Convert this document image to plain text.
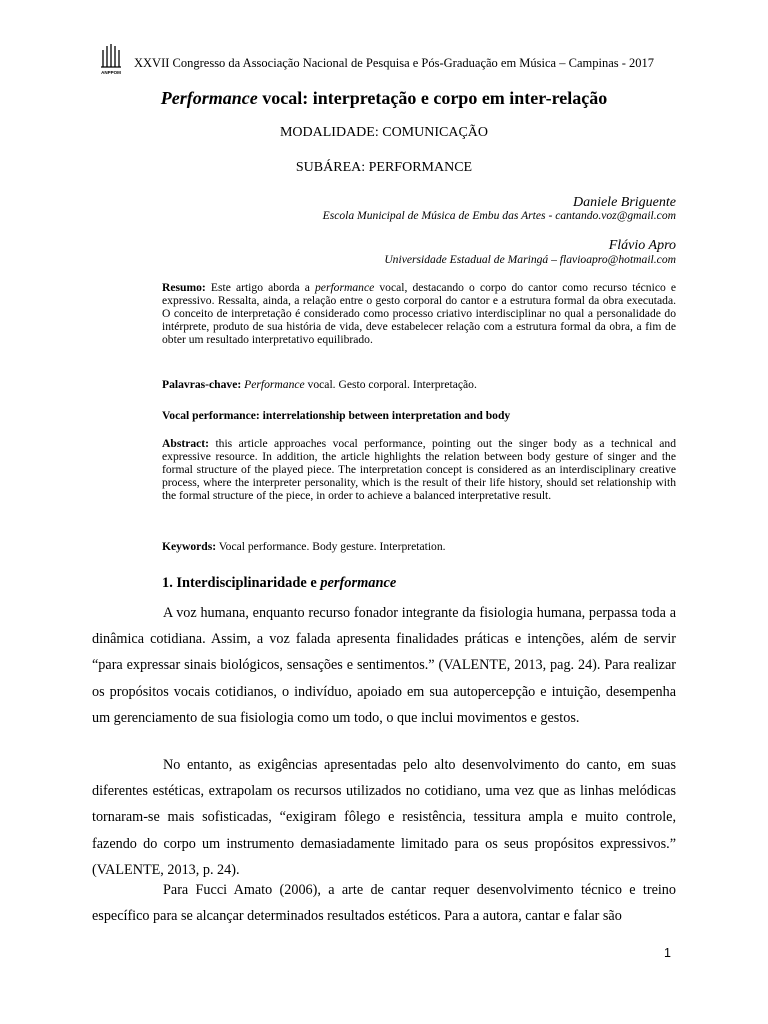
ANPPOM
XXVII Congresso da Associação Nacional de Pesquisa e Pós-Graduação em Música – Campinas - 2017
Performance vocal: interpretação e corpo em inter-relação
MODALIDADE: COMUNICAÇÃO
SUBÁREA: PERFORMANCE
Daniele Briguente
Escola Municipal de Música de Embu das Artes - cantando.voz@gmail.com
Flávio Apro
Universidade Estadual de Maringá – flavioapro@hotmail.com

Resumo: Este artigo aborda a performance vocal, destacando o corpo do cantor como recurso técnico e expressivo. Ressalta, ainda, a relação entre o gesto corporal do cantor e a estrutura formal da obra executada. O conceito de interpretação é considerado como processo criativo interdisciplinar no qual a personalidade do intérprete, produto de sua história de vida, deve estabelecer relação com a estrutura formal da obra, a fim de obter um resultado interpretativo equilibrado.

Palavras-chave: Performance vocal. Gesto corporal. Interpretação.

Vocal performance: interrelationship between interpretation and body

Abstract: this article approaches vocal performance, pointing out the singer body as a technical and expressive resource. In addition, the article highlights the relation between body gesture of singer and the formal structure of the played piece. The interpretation concept is considered as an interdisciplinary creative process, where the interpreter personality, which is the result of their life history, should set relationship with the formal structure of the piece, in order to achieve a balanced interpretative result.

Keywords: Vocal performance. Body gesture. Interpretation.

1. Interdisciplinaridade e performance

A voz humana, enquanto recurso fonador integrante da fisiologia humana, perpassa toda a dinâmica cotidiana. Assim, a voz falada apresenta finalidades práticas e intenções, além de servir “para expressar sinais biológicos, sensações e sentimentos.” (VALENTE, 2013, pag. 24). Para realizar os propósitos vocais cotidianos, o indivíduo, apoiado em sua autopercepção e intuição, desempenha um gerenciamento de sua fisiologia como um todo, o que inclui movimentos e gestos.

No entanto, as exigências apresentadas pelo alto desenvolvimento do canto, em suas diferentes estéticas, extrapolam os recursos utilizados no cotidiano, uma vez que as linhas melódicas tornaram-se mais sofisticadas, “exigiram fôlego e resistência, tessitura ampla e muito controle, fazendo do corpo um instrumento demasiadamente limitado para os seus propósitos expressivos.” (VALENTE, 2013, p. 24).

Para Fucci Amato (2006), a arte de cantar requer desenvolvimento técnico e treino específico para se alcançar determinados resultados estéticos. Para a autora, cantar e falar são

1
